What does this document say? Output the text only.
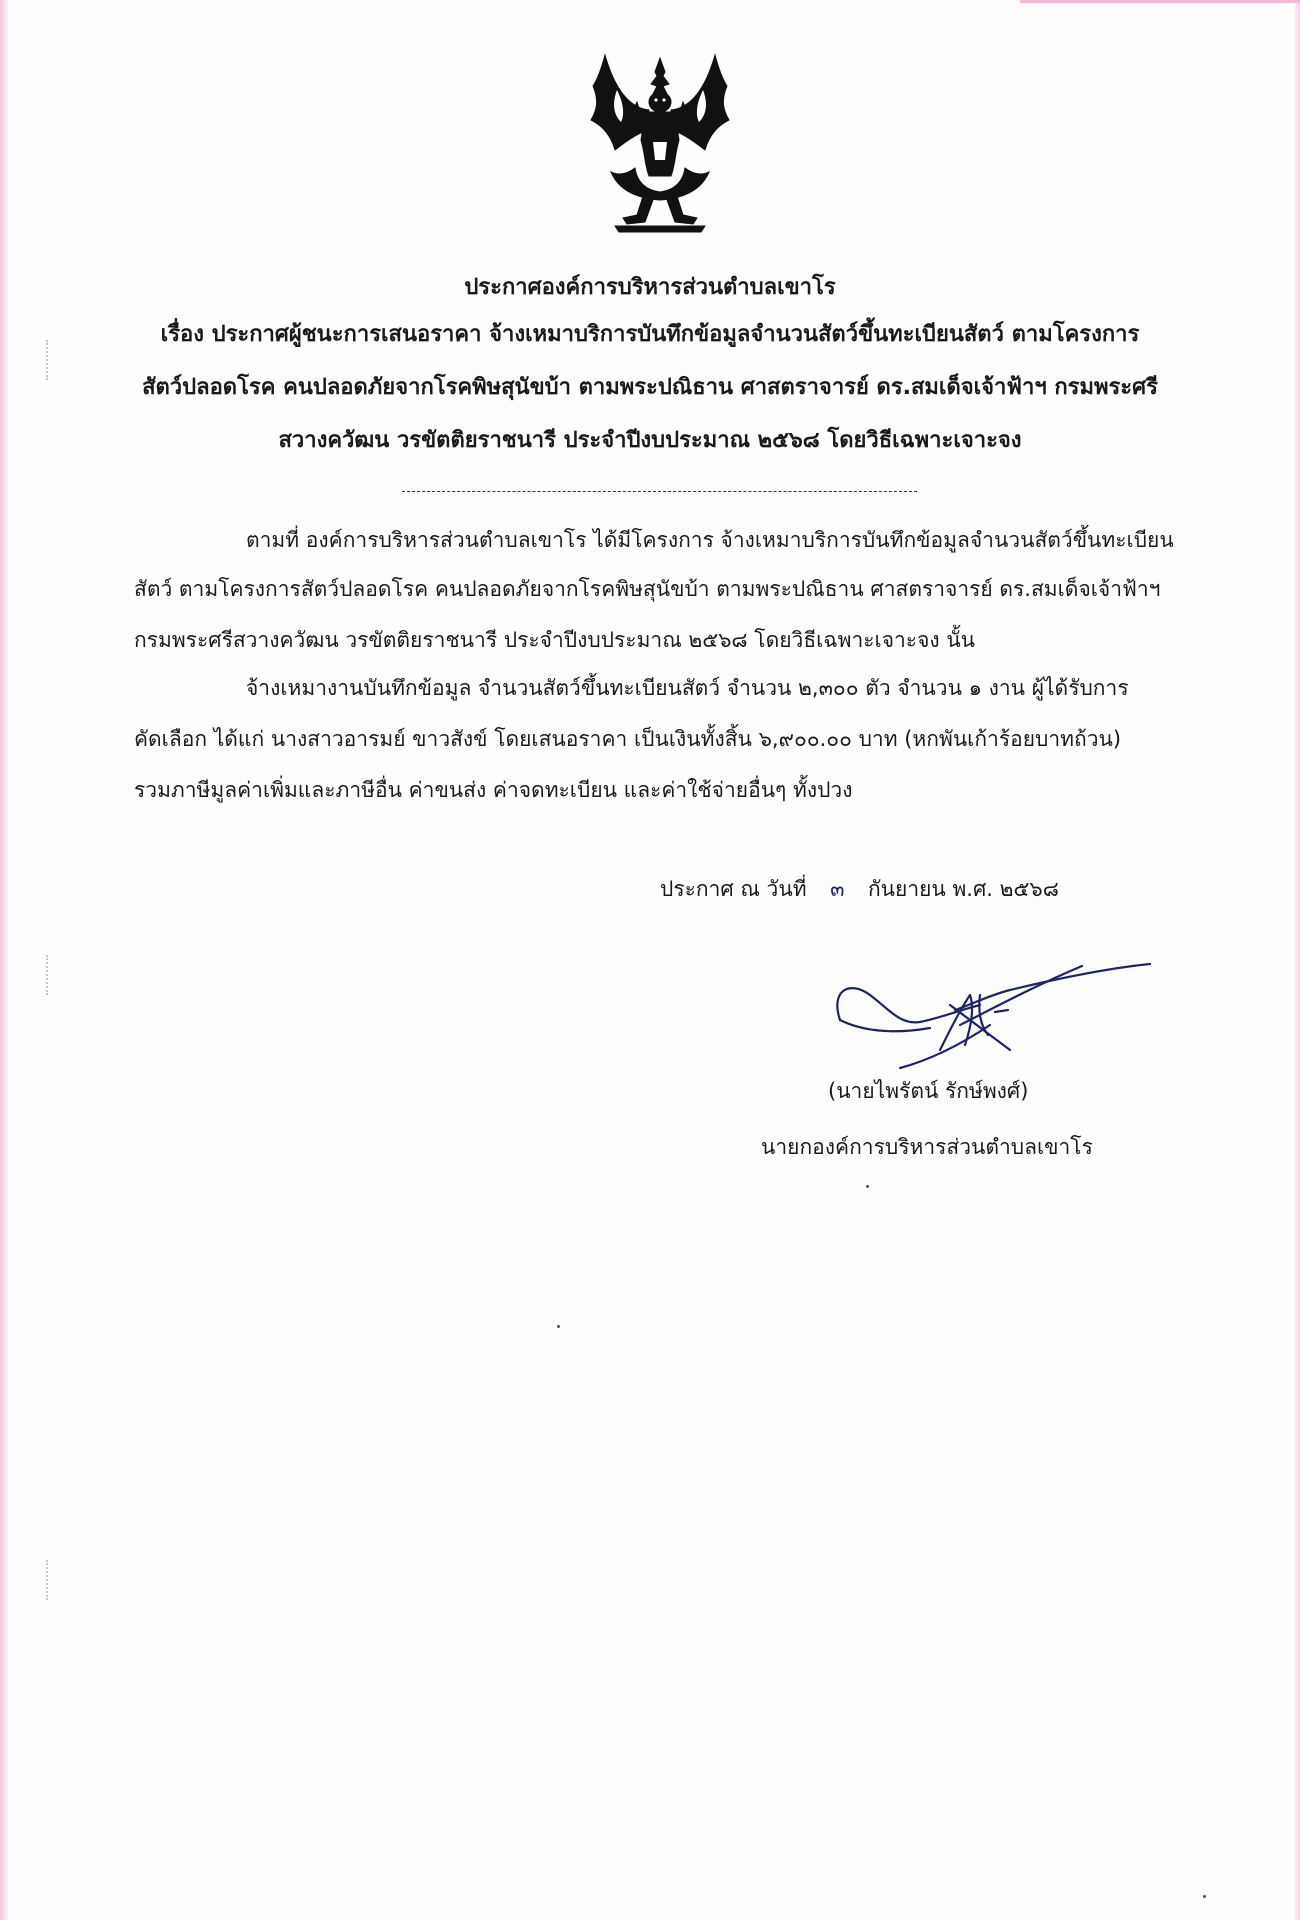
ประกาศองค์การบริหารส่วนตำบลเขาโร
เรื่อง ประกาศผู้ชนะการเสนอราคา จ้างเหมาบริการบันทึกข้อมูลจำนวนสัตว์ขึ้นทะเบียนสัตว์ ตามโครงการ
สัตว์ปลอดโรค คนปลอดภัยจากโรคพิษสุนัขบ้า ตามพระปณิธาน ศาสตราจารย์ ดร.สมเด็จเจ้าฟ้าฯ กรมพระศรี
สวางควัฒน วรขัตติยราชนารี ประจำปีงบประมาณ ๒๕๖๘ โดยวิธีเฉพาะเจาะจง
ตามที่ องค์การบริหารส่วนตำบลเขาโร ได้มีโครงการ จ้างเหมาบริการบันทึกข้อมูลจำนวนสัตว์ขึ้นทะเบียน
สัตว์ ตามโครงการสัตว์ปลอดโรค คนปลอดภัยจากโรคพิษสุนัขบ้า ตามพระปณิธาน ศาสตราจารย์ ดร.สมเด็จเจ้าฟ้าฯ
กรมพระศรีสวางควัฒน วรขัตติยราชนารี ประจำปีงบประมาณ ๒๕๖๘ โดยวิธีเฉพาะเจาะจง นั้น
จ้างเหมางานบันทึกข้อมูล จำนวนสัตว์ขึ้นทะเบียนสัตว์ จำนวน ๒,๓๐๐ ตัว จำนวน ๑ งาน ผู้ได้รับการ
คัดเลือก ได้แก่ นางสาวอารมย์ ขาวสังข์ โดยเสนอราคา เป็นเงินทั้งสิ้น ๖,๙๐๐.๐๐ บาท (หกพันเก้าร้อยบาทถ้วน)
รวมภาษีมูลค่าเพิ่มและภาษีอื่น ค่าขนส่ง ค่าจดทะเบียน และค่าใช้จ่ายอื่นๆ ทั้งปวง
ประกาศ ณ วันที่ ๓ กันยายน พ.ศ. ๒๕๖๘
(นายไพรัตน์ รักษ์พงศ์)
นายกองค์การบริหารส่วนตำบลเขาโร
